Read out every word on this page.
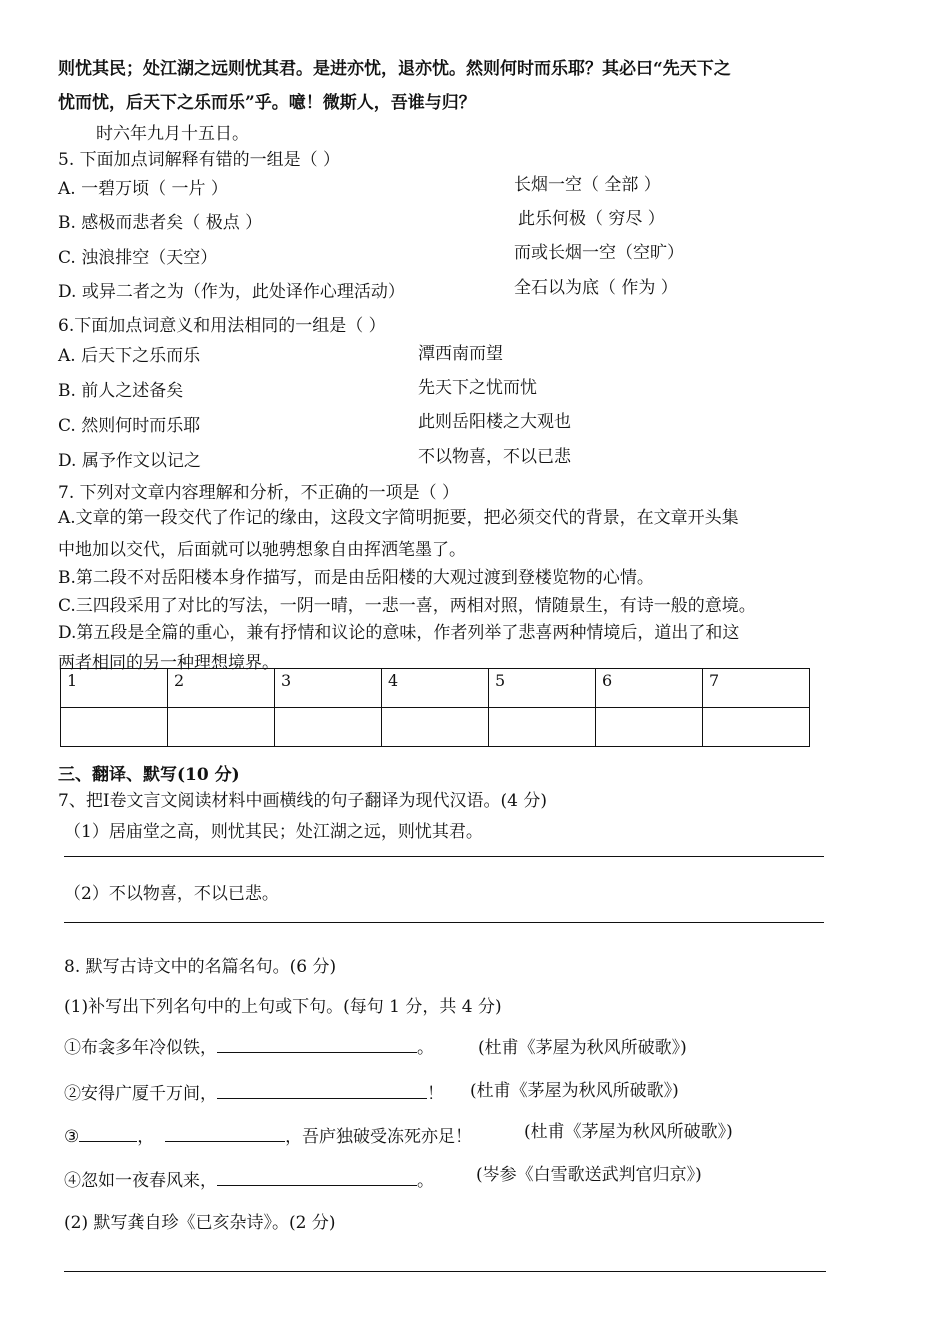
则忧其民；处江湖之远则忧其君。是进亦忧，退亦忧。然则何时而乐耶？其必曰“先天下之
忧而忧，后天下之乐而乐”乎。噫！微斯人，吾谁与归？
时六年九月十五日。
5. 下面加点词解释有错的一组是（ ）
A. 一碧万顷（ 一片 ）	长烟一空（ 全部 ）
B. 感极而悲者矣（ 极点 ）	此乐何极（ 穷尽 ）
C. 浊浪排空（天空）	而或长烟一空（空旷）
D. 或异二者之为（作为，此处译作心理活动）	全石以为底（ 作为 ）
6.下面加点词意义和用法相同的一组是（ ）
A. 后天下之乐而乐	潭西南而望
B. 前人之述备矣	先天下之忧而忧
C. 然则何时而乐耶	此则岳阳楼之大观也
D. 属予作文以记之	不以物喜，不以已悲
7. 下列对文章内容理解和分析，不正确的一项是（ ）
A.文章的第一段交代了作记的缘由，这段文字简明扼要，把必须交代的背景，在文章开头集
中地加以交代，后面就可以驰骋想象自由挥洒笔墨了。
B.第二段不对岳阳楼本身作描写，而是由岳阳楼的大观过渡到登楼览物的心情。
C.三四段采用了对比的写法，一阴一晴，一悲一喜，两相对照，情随景生，有诗一般的意境。
D.第五段是全篇的重心，兼有抒情和议论的意味，作者列举了悲喜两种情境后，道出了和这
两者相同的另一种理想境界。
1	2	3	4	5	6	7

三、翻译、默写(10 分)
7、把Ⅰ卷文言文阅读材料中画横线的句子翻译为现代汉语。(4 分)
（1）居庙堂之高，则忧其民；处江湖之远，则忧其君。
（2）不以物喜，不以已悲。
8. 默写古诗文中的名篇名句。(6 分)
(1)补写出下列名句中的上句或下句。(每句 1 分，共 4 分)
①布衾多年冷似铁，	。	(杜甫《茅屋为秋风所破歌》)
②安得广厦千万间，	！ (杜甫《茅屋为秋风所破歌》)
③	，	，吾庐独破受冻死亦足！	(杜甫《茅屋为秋风所破歌》)
④忽如一夜春风来，	。 (岑参《白雪歌送武判官归京》)
(2) 默写龚自珍《已亥杂诗》。(2 分)
